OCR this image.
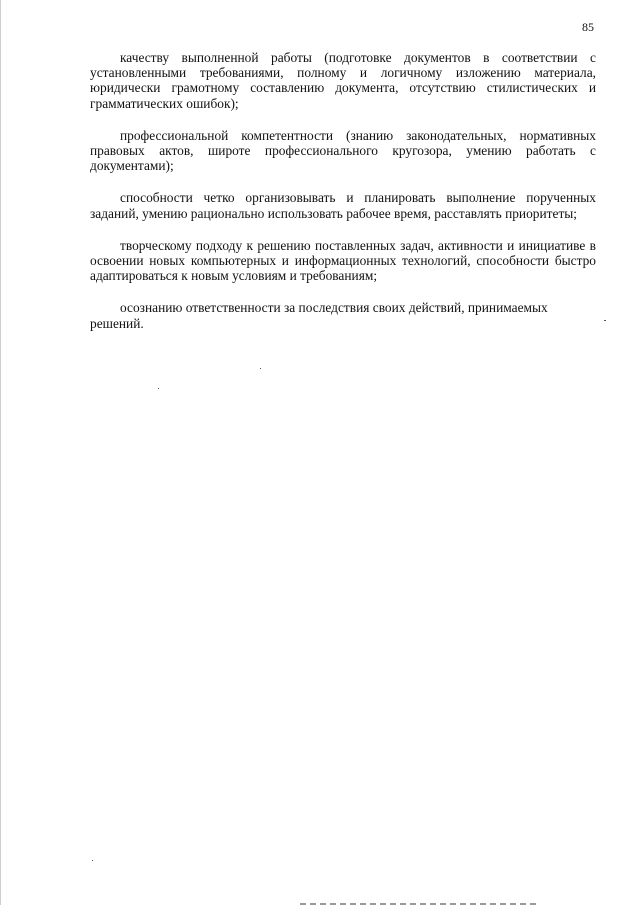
85

качеству выполненной работы (подготовке документов в соответствии с установленными требованиями, полному и логичному изложению материала, юридически грамотному составлению документа, отсутствию стилистических и грамматических ошибок);

профессиональной компетентности (знанию законодательных, нормативных правовых актов, широте профессионального кругозора, умению работать с документами);

способности четко организовывать и планировать выполнение порученных заданий, умению рационально использовать рабочее время, расставлять приоритеты;

творческому подходу к решению поставленных задач, активности и инициативе в освоении новых компьютерных и информационных технологий, способности быстро адаптироваться к новым условиям и требованиям;

осознанию ответственности за последствия своих действий, принимаемых решений.
